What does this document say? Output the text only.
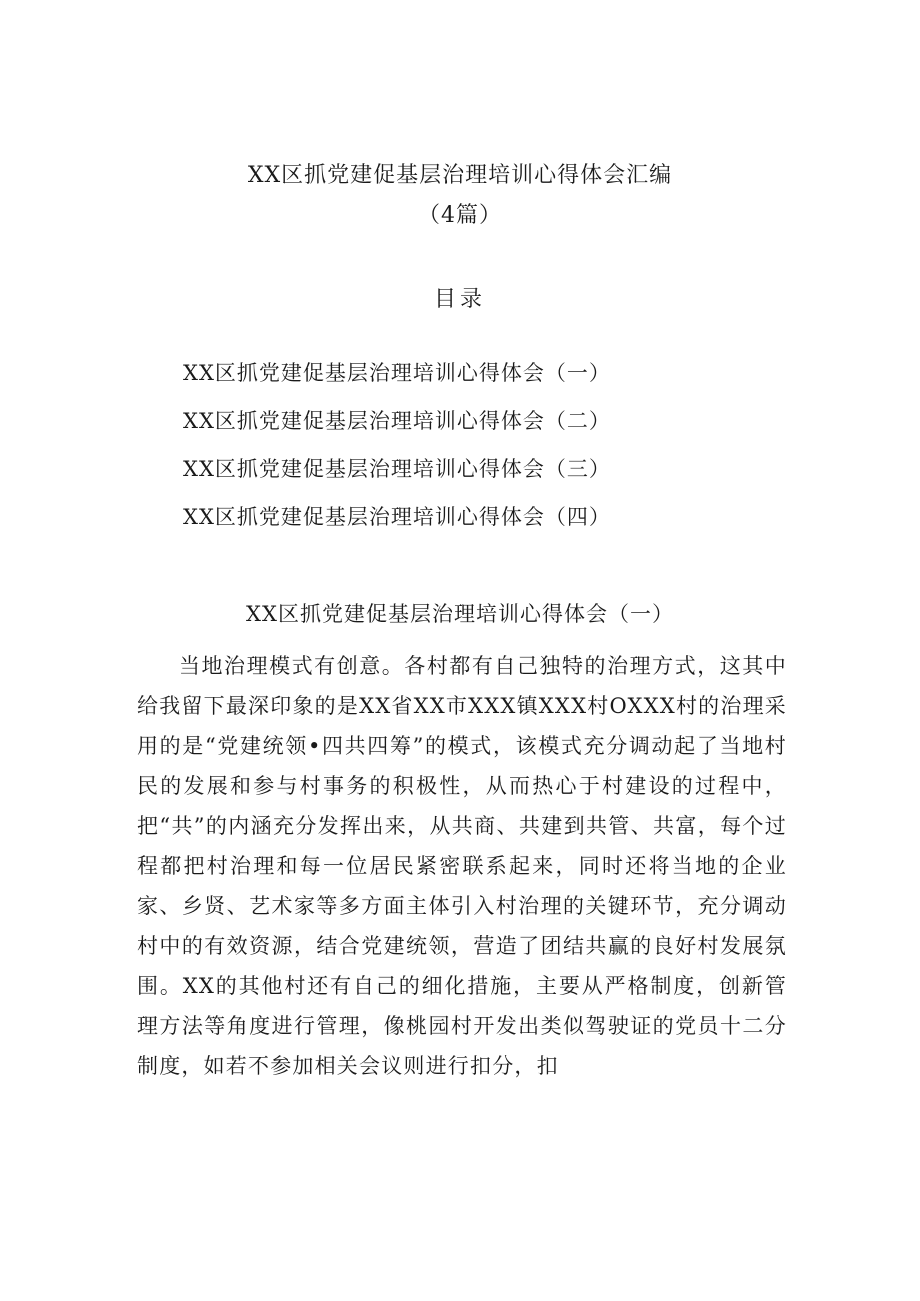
XX区抓党建促基层治理培训心得体会汇编
（4篇）
目录
XX区抓党建促基层治理培训心得体会（一）
XX区抓党建促基层治理培训心得体会（二）
XX区抓党建促基层治理培训心得体会（三）
XX区抓党建促基层治理培训心得体会（四）
XX区抓党建促基层治理培训心得体会（一）

当地治理模式有创意。各村都有自己独特的治理方式，这其中给我留下最深印象的是XX省XX市XXX镇XXX村OXXX村的治理采用的是“党建统领•四共四筹”的模式，该模式充分调动起了当地村民的发展和参与村事务的积极性，从而热心于村建设的过程中，把“共”的内涵充分发挥出来，从共商、共建到共管、共富，每个过程都把村治理和每一位居民紧密联系起来，同时还将当地的企业家、乡贤、艺术家等多方面主体引入村治理的关键环节，充分调动村中的有效资源，结合党建统领，营造了团结共赢的良好村发展氛围。XX的其他村还有自己的细化措施，主要从严格制度，创新管理方法等角度进行管理，像桃园村开发出类似驾驶证的党员十二分制度，如若不参加相关会议则进行扣分，扣
